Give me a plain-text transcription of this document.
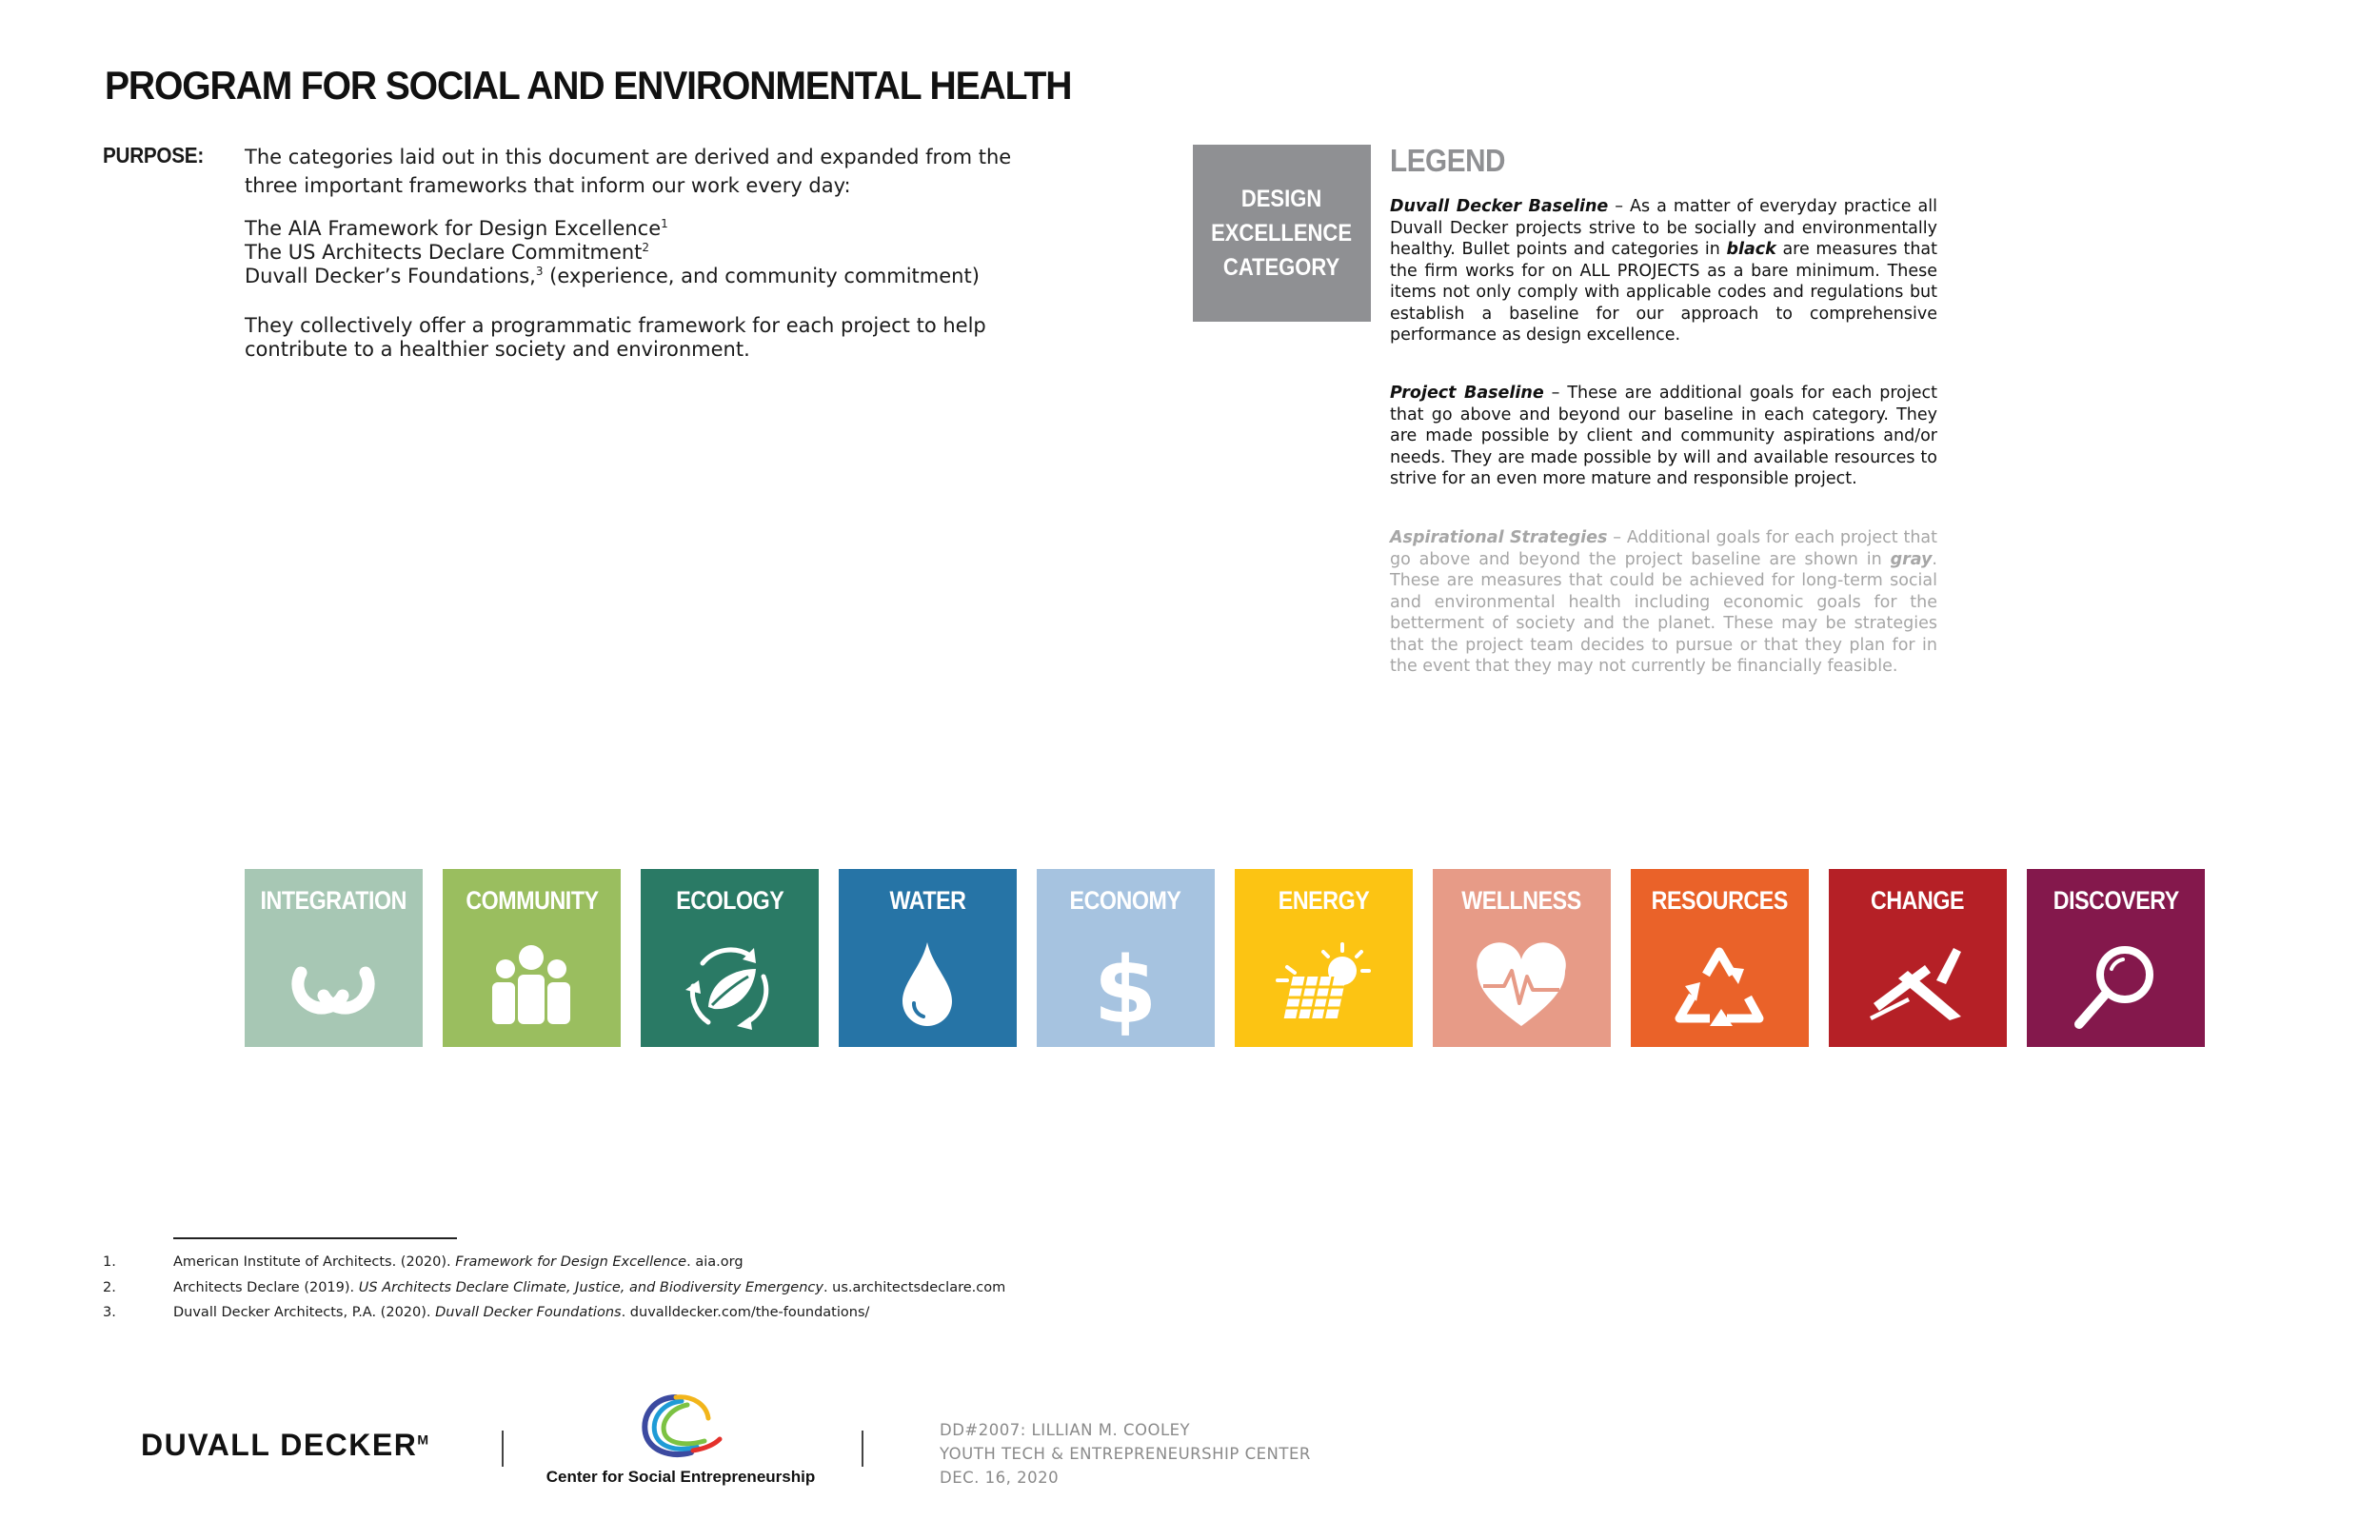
PROGRAM FOR SOCIAL AND ENVIRONMENTAL HEALTH
PURPOSE: The categories laid out in this document are derived and expanded from the
three important frameworks that inform our work every day:
The AIA Framework for Design Excellence$^1$
The US Architects Declare Commitment$^2$
Duvall Decker’s Foundations,$^3$ (experience, and community commitment)
They collectively offer a programmatic framework for each project to help contribute to a healthier society and environment.
DESIGN
EXCELLENCE
CATEGORY
LEGEND
Duvall Decker Baseline – As a matter of everyday practice all Duvall Decker projects strive to be socially and environmentally healthy. Bullet points and categories in black are measures that the firm works for on ALL PROJECTS as a bare minimum. These items not only comply with applicable codes and regulations but establish a baseline for our approach to comprehensive performance as design excellence.
Project Baseline – These are additional goals for each project that go above and beyond our baseline in each category. They are made possible by client and community aspirations and/or needs. They are made possible by will and available resources to strive for an even more mature and responsible project.
Aspirational Strategies – Additional goals for each project that go above and beyond the project baseline are shown in gray. These are measures that could be achieved for long-term social and environmental health including economic goals for the betterment of society and the planet. These may be strategies that the project team decides to pursue or that they plan for in the event that they may not currently be financially feasible.
INTEGRATION	COMMUNITY	ECOLOGY	WATER	ECONOMY
$
ENERGY	WELLNESS	RESOURCES	CHANGE	DISCOVERY
1.	American Institute of Architects. (2020). Framework for Design Excellence. aia.org
2.	Architects Declare (2019). US Architects Declare Climate, Justice, and Biodiversity Emergency. us.architectsdeclare.com
3.	Duvall Decker Architects, P.A. (2020). Duvall Decker Foundations. duvalldecker.com/the-foundations/
DUVALL $DECKER^M$
Center for Social Entrepreneurship
DD#2007: LILLIAN M. COOLEY
YOUTH TECH & ENTREPRENEURSHIP CENTER
DEC. 16, 2020
